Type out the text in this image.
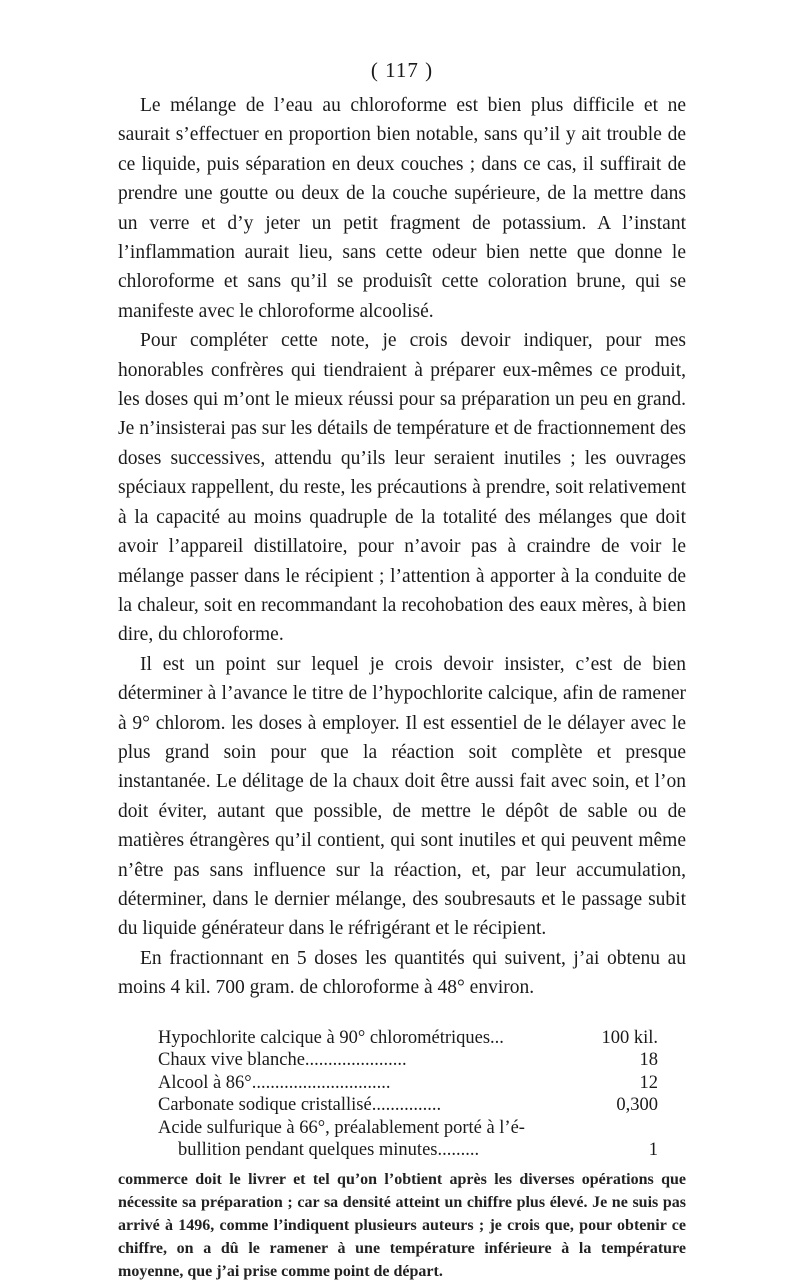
( 117 )

Le mélange de l’eau au chloroforme est bien plus difficile et ne saurait s’effectuer en proportion bien notable, sans qu’il y ait trouble de ce liquide, puis séparation en deux couches ; dans ce cas, il suffirait de prendre une goutte ou deux de la couche supérieure, de la mettre dans un verre et d’y jeter un petit fragment de potassium. A l’instant l’inflammation aurait lieu, sans cette odeur bien nette que donne le chloroforme et sans qu’il se produisît cette coloration brune, qui se manifeste avec le chloroforme alcoolisé.

Pour compléter cette note, je crois devoir indiquer, pour mes honorables confrères qui tiendraient à préparer eux-mêmes ce produit, les doses qui m’ont le mieux réussi pour sa préparation un peu en grand. Je n’insisterai pas sur les détails de température et de fractionnement des doses successives, attendu qu’ils leur seraient inutiles ; les ouvrages spéciaux rappellent, du reste, les précautions à prendre, soit relativement à la capacité au moins quadruple de la totalité des mélanges que doit avoir l’appareil distillatoire, pour n’avoir pas à craindre de voir le mélange passer dans le récipient ; l’attention à apporter à la conduite de la chaleur, soit en recommandant la recohobation des eaux mères, à bien dire, du chloroforme.

Il est un point sur lequel je crois devoir insister, c’est de bien déterminer à l’avance le titre de l’hypochlorite calcique, afin de ramener à 9° chlorom. les doses à employer. Il est essentiel de le délayer avec le plus grand soin pour que la réaction soit complète et presque instantanée. Le délitage de la chaux doit être aussi fait avec soin, et l’on doit éviter, autant que possible, de mettre le dépôt de sable ou de matières étrangères qu’il contient, qui sont inutiles et qui peuvent même n’être pas sans influence sur la réaction, et, par leur accumulation, déterminer, dans le dernier mélange, des soubresauts et le passage subit du liquide générateur dans le réfrigérant et le récipient.

En fractionnant en 5 doses les quantités qui suivent, j’ai obtenu au moins 4 kil. 700 gram. de chloroforme à 48° environ.

Hypochlorite calcique à 90° chlorométriques...	100 kil.
Chaux vive blanche......................	18
Alcool à 86°..............................	12
Carbonate sodique cristallisé...............	0,300
Acide sulfurique à 66°, préalablement porté à l’é-
bullition pendant quelques minutes.........	1
commerce doit le livrer et tel qu’on l’obtient après les diverses opérations que nécessite sa préparation ; car sa densité atteint un chiffre plus élevé. Je ne suis pas arrivé à 1496, comme l’indiquent plusieurs auteurs ; je crois que, pour obtenir ce chiffre, on a dû le ramener à une température inférieure à la température moyenne, que j’ai prise comme point de départ.
